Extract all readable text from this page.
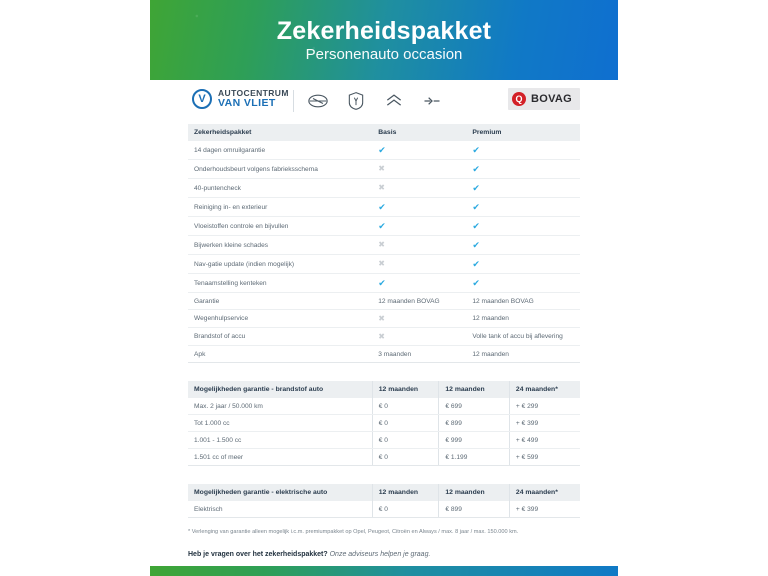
Zekerheidspakket
Personenauto occasion
V	AUTOCENTRUM
VAN VLIET	Q BOVAG
Zekerheidspakket	Basis	Premium
14 dagen omruilgarantie	✔	✔
Onderhoudsbeurt volgens fabrieksschema	✖	✔
40-puntencheck	✖	✔
Reiniging in- en exterieur	✔	✔
Vloeistoffen controle en bijvullen	✔	✔
Bijwerken kleine schades	✖	✔
Nav-gatie update (indien mogelijk)	✖	✔
Tenaamstelling kenteken	✔	✔
Garantie	12 maanden BOVAG	12 maanden BOVAG
Wegenhulpservice	✖	12 maanden
Brandstof of accu	✖	Volle tank of accu bij aflevering
Apk	3 maanden	12 maanden
Mogelijkheden garantie - brandstof auto	12 maanden	12 maanden	24 maanden*
Max. 2 jaar / 50.000 km	€ 0	€ 699	+ € 299
Tot 1.000 cc	€ 0	€ 899	+ € 399
1.001 - 1.500 cc	€ 0	€ 999	+ € 499
1.501 cc of meer	€ 0	€ 1.199	+ € 599
Mogelijkheden garantie - elektrische auto	12 maanden	12 maanden	24 maanden*
Elektrisch	€ 0	€ 899	+ € 399
* Verlenging van garantie alleen mogelijk i.c.m. premiumpakket op Opel, Peugeot, Citroën en Always / max. 8 jaar / max. 150.000 km.
Heb je vragen over het zekerheidspakket? Onze adviseurs helpen je graag.
